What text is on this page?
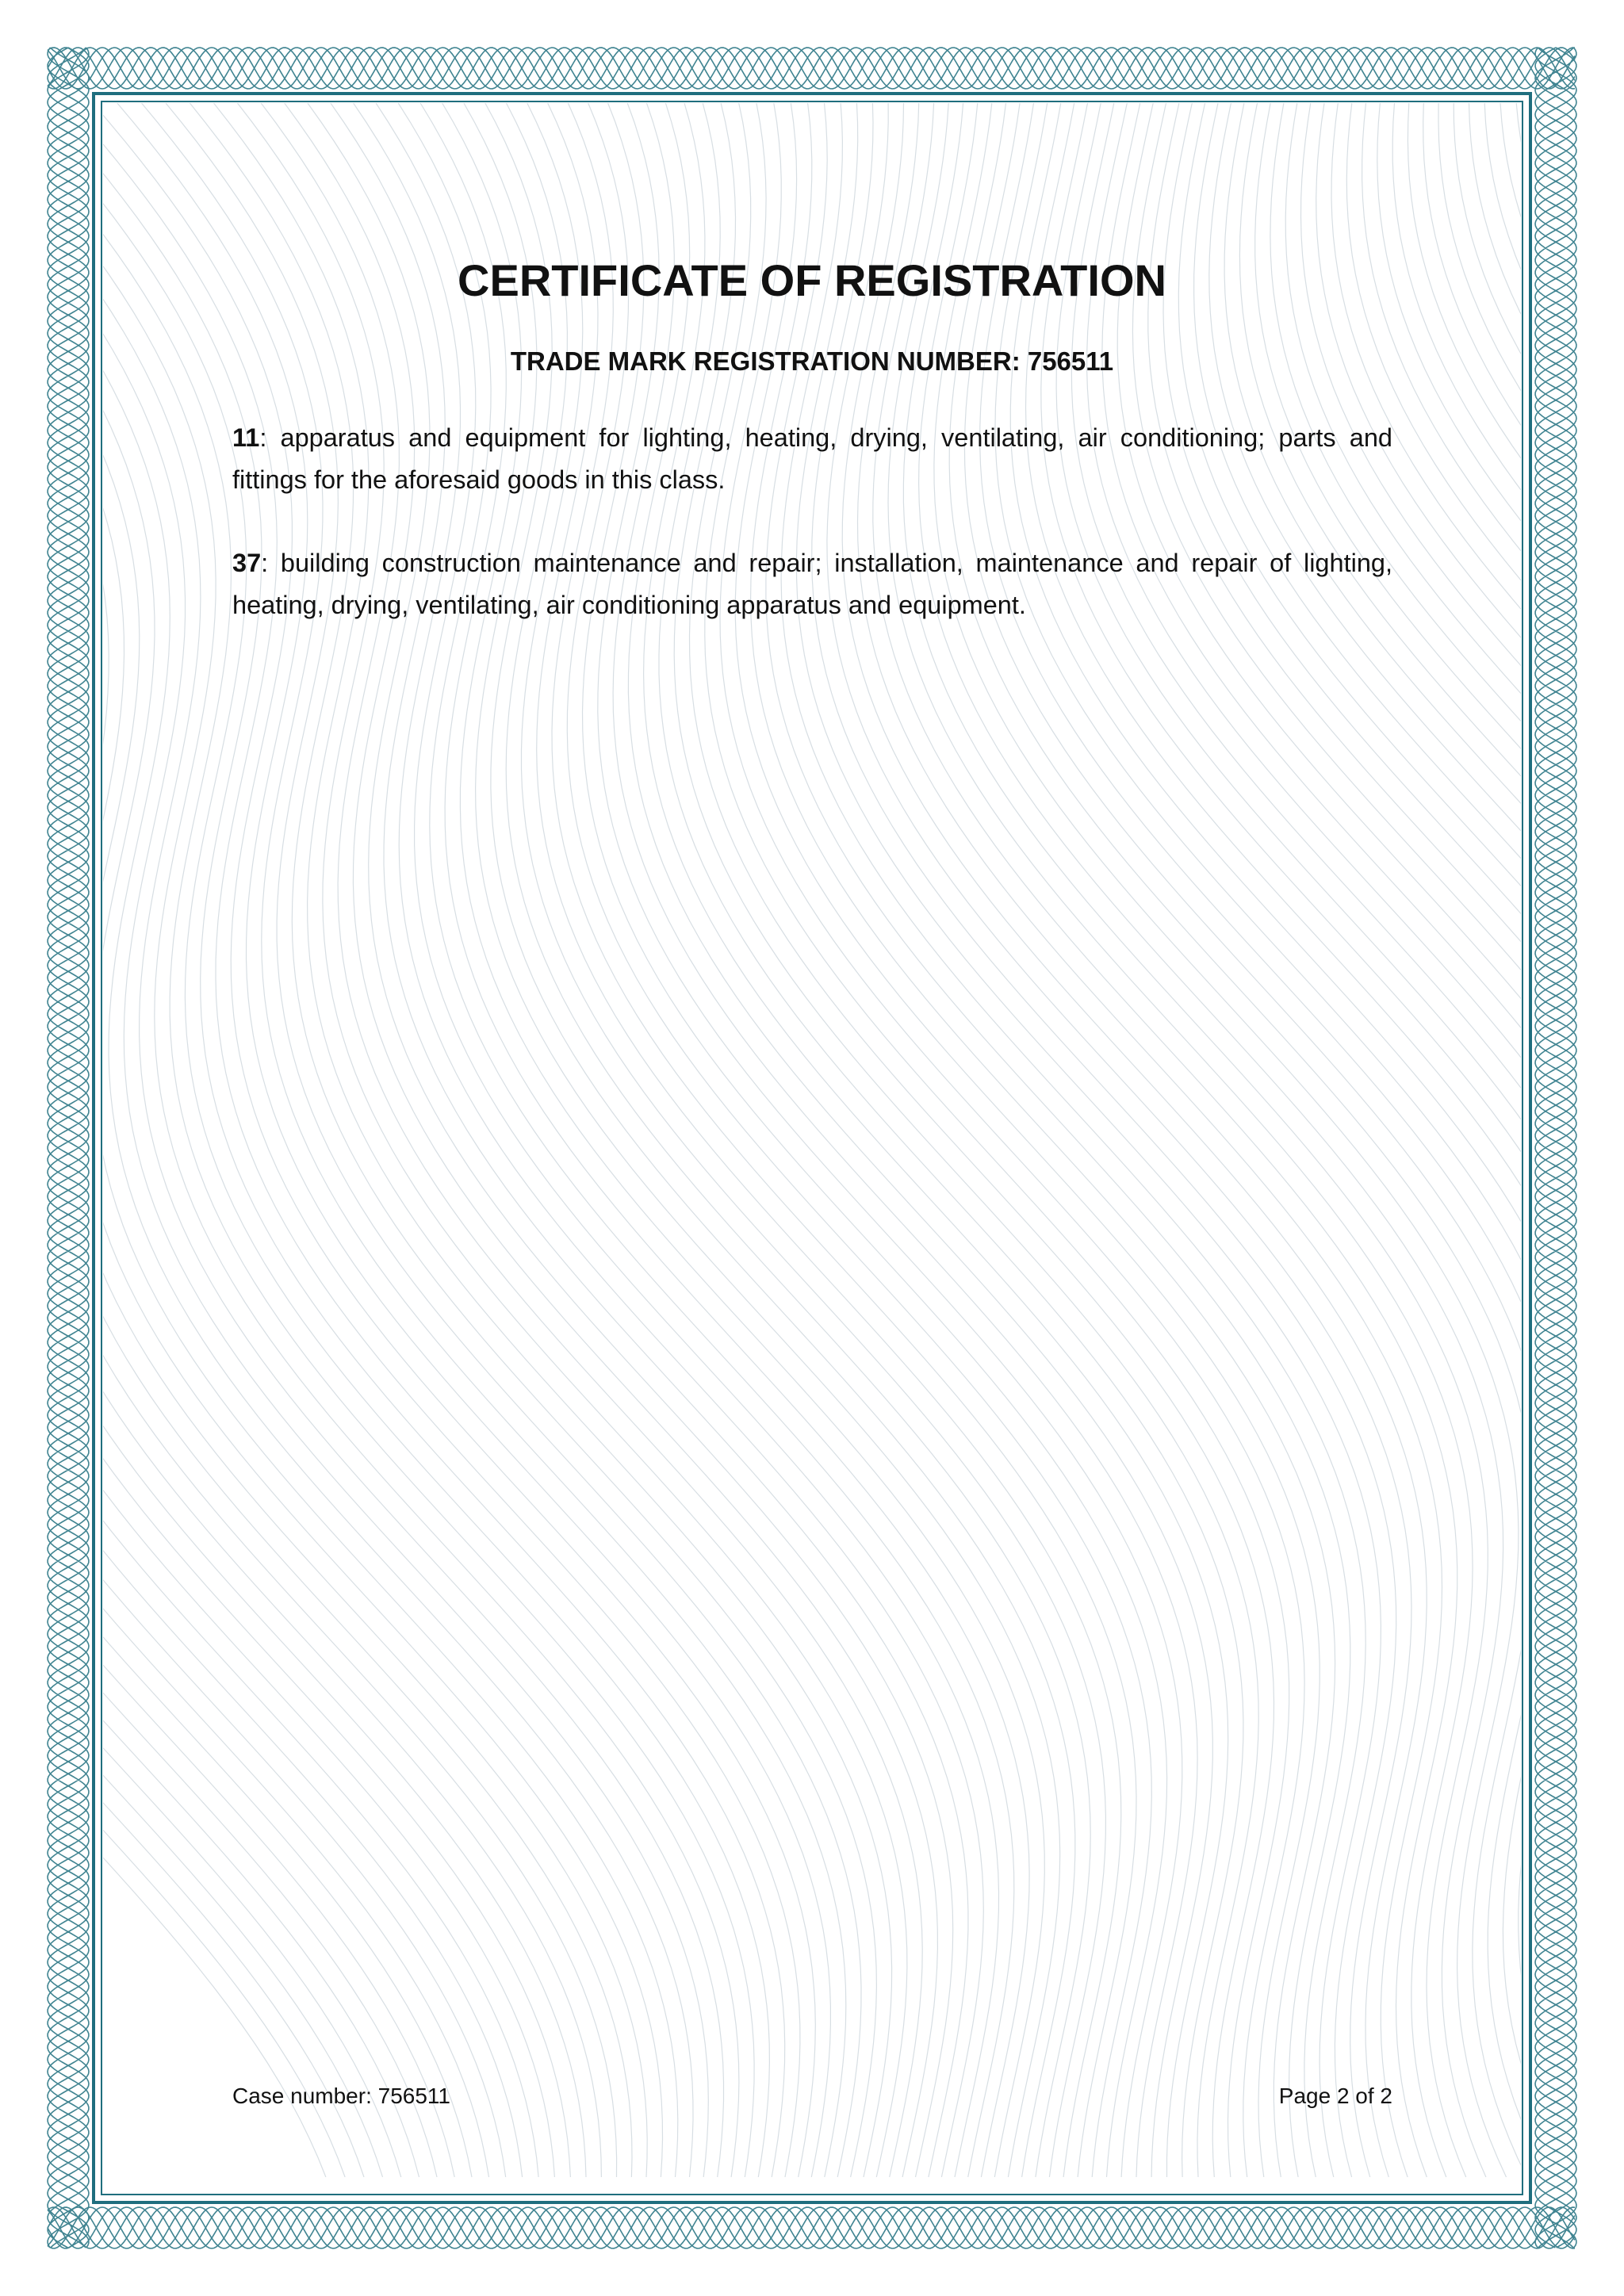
CERTIFICATE OF REGISTRATION

TRADE MARK REGISTRATION NUMBER: 756511

11: apparatus and equipment for lighting, heating, drying, ventilating, air conditioning; parts and fittings for the aforesaid goods in this class.

37: building construction maintenance and repair; installation, maintenance and repair of lighting, heating, drying, ventilating, air conditioning apparatus and equipment.

Case number: 756511	Page 2 of 2
